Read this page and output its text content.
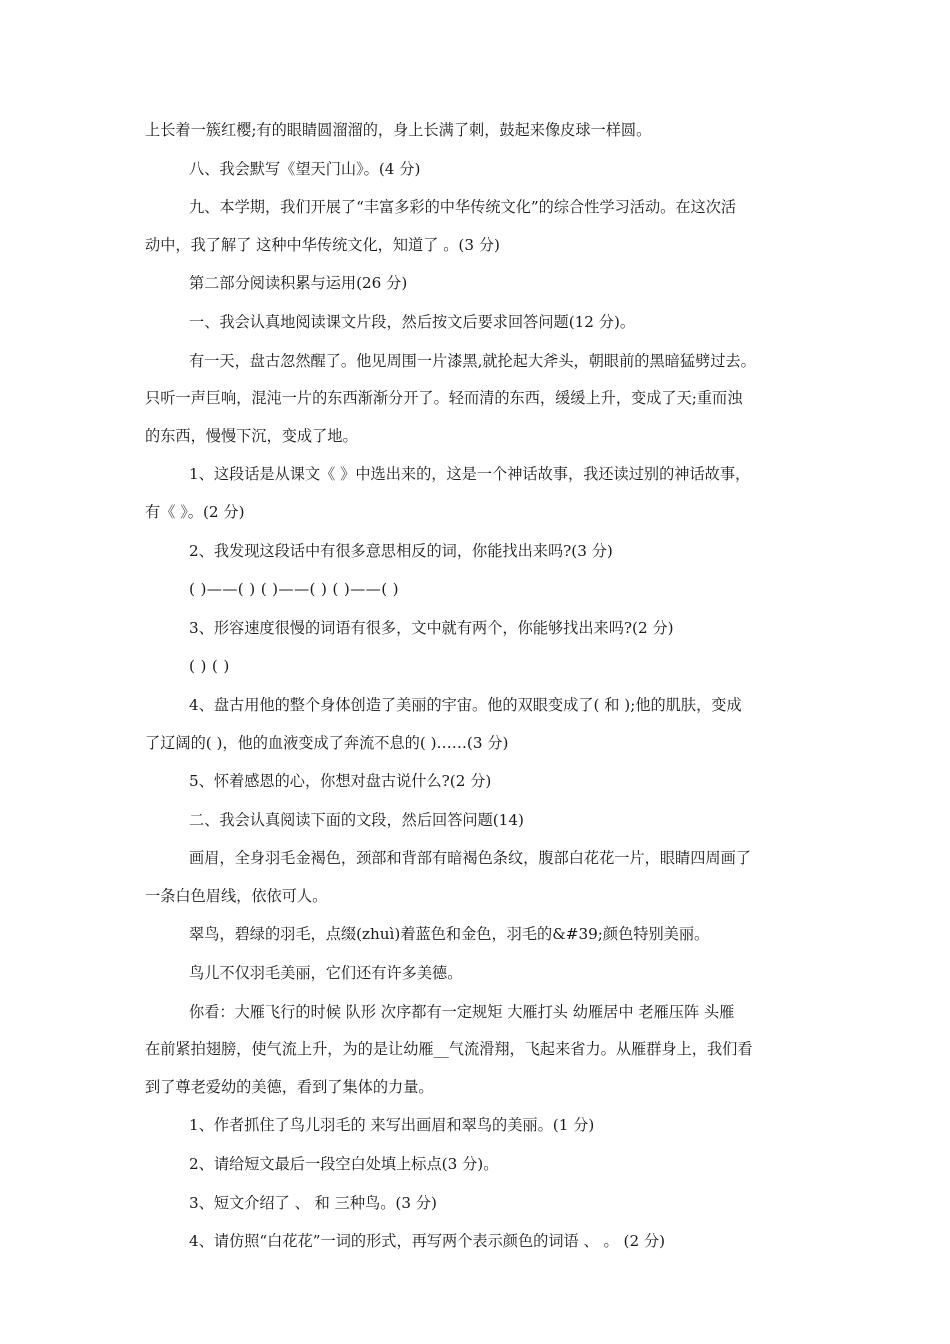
上长着一簇红樱;有的眼睛圆溜溜的，身上长满了刺，鼓起来像皮球一样圆。
八、我会默写《望天门山》。(4 分)
九、本学期，我们开展了“丰富多彩的中华传统文化”的综合性学习活动。在这次活
动中，我了解了 这种中华传统文化，知道了 。(3 分)
第二部分阅读积累与运用(26 分)
一、我会认真地阅读课文片段，然后按文后要求回答问题(12 分)。
有一天，盘古忽然醒了。他见周围一片漆黑,就抡起大斧头，朝眼前的黑暗猛劈过去。
只听一声巨响，混沌一片的东西渐渐分开了。轻而清的东西，缓缓上升，变成了天;重而浊
的东西，慢慢下沉，变成了地。
1、这段话是从课文《 》中选出来的，这是一个神话故事，我还读过别的神话故事，
有《 》。(2 分)
2、我发现这段话中有很多意思相反的词，你能找出来吗?(3 分)
( )——( ) ( )——( ) ( )——( )
3、形容速度很慢的词语有很多，文中就有两个，你能够找出来吗?(2 分)
( ) ( )
4、盘古用他的整个身体创造了美丽的宇宙。他的双眼变成了( 和 );他的肌肤，变成
了辽阔的( )，他的血液变成了奔流不息的( )……(3 分)
5、怀着感恩的心，你想对盘古说什么?(2 分)
二、我会认真阅读下面的文段，然后回答问题(14)
画眉，全身羽毛金褐色，颈部和背部有暗褐色条纹，腹部白花花一片，眼睛四周画了
一条白色眉线，依依可人。
翠鸟，碧绿的羽毛，点缀(zhuì)着蓝色和金色，羽毛的&#39;颜色特别美丽。
鸟儿不仅羽毛美丽，它们还有许多美德。
你看：大雁飞行的时候 队形 次序都有一定规矩 大雁打头 幼雁居中 老雁压阵 头雁
在前紧拍翅膀，使气流上升，为的是让幼雁__气流滑翔，飞起来省力。从雁群身上，我们看
到了尊老爱幼的美德，看到了集体的力量。
1、作者抓住了鸟儿羽毛的 来写出画眉和翠鸟的美丽。(1 分)
2、请给短文最后一段空白处填上标点(3 分)。
3、短文介绍了 、 和 三种鸟。(3 分)
4、请仿照“白花花”一词的形式，再写两个表示颜色的词语 、 。 (2 分)
